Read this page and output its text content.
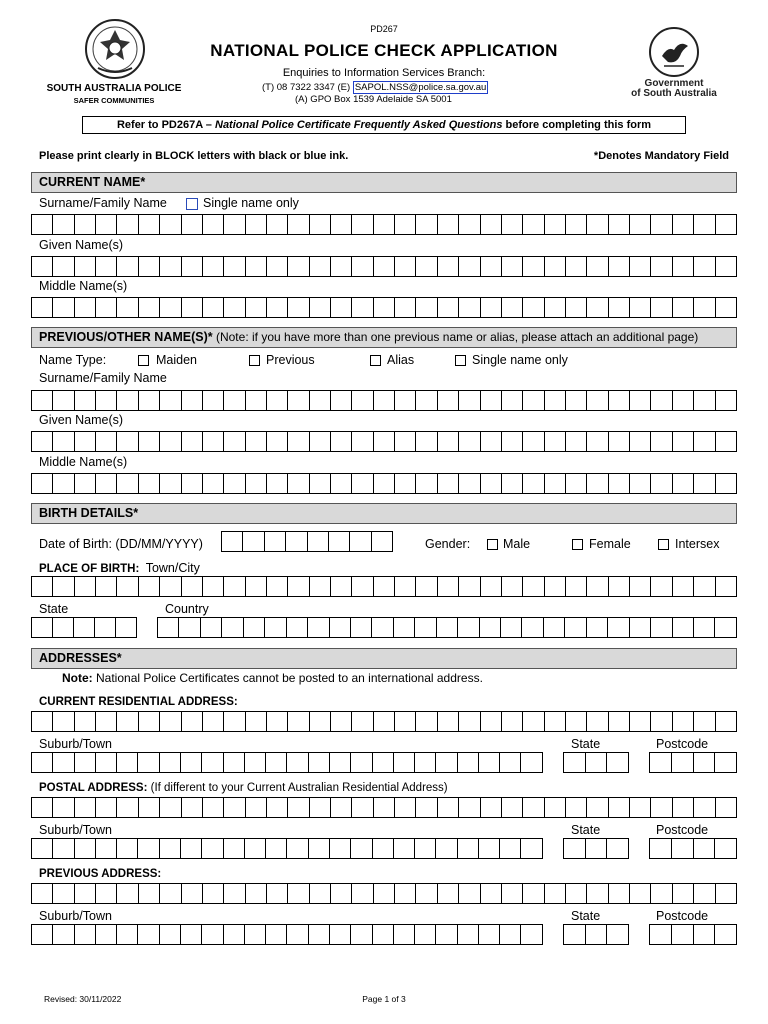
PD267
NATIONAL POLICE CHECK APPLICATION
Enquiries to Information Services Branch:
(T) 08 7322 3347 (E) SAPOL.NSS@police.sa.gov.au
(A) GPO Box 1539 Adelaide SA 5001
SOUTH AUSTRALIA POLICE
SAFER COMMUNITIES
Government
of South Australia
Refer to PD267A – National Police Certificate Frequently Asked Questions before completing this form
Please print clearly in BLOCK letters with black or blue ink.	*Denotes Mandatory Field
CURRENT NAME*
Surname/Family Name	Single name only
Given Name(s)
Middle Name(s)
PREVIOUS/OTHER NAME(S)* (Note: if you have more than one previous name or alias, please attach an additional page)
Name Type:	Maiden	Previous	Alias	Single name only
Surname/Family Name
Given Name(s)
Middle Name(s)
BIRTH DETAILS*
Date of Birth: (DD/MM/YYYY)	Gender:	Male	Female	Intersex
PLACE OF BIRTH: Town/City
State	Country
ADDRESSES*
Note: National Police Certificates cannot be posted to an international address.
CURRENT RESIDENTIAL ADDRESS:
Suburb/Town	State	Postcode
POSTAL ADDRESS: (If different to your Current Australian Residential Address)
Suburb/Town	State	Postcode
PREVIOUS ADDRESS:
Suburb/Town	State	Postcode
Revised: 30/11/2022	Page 1 of 3
